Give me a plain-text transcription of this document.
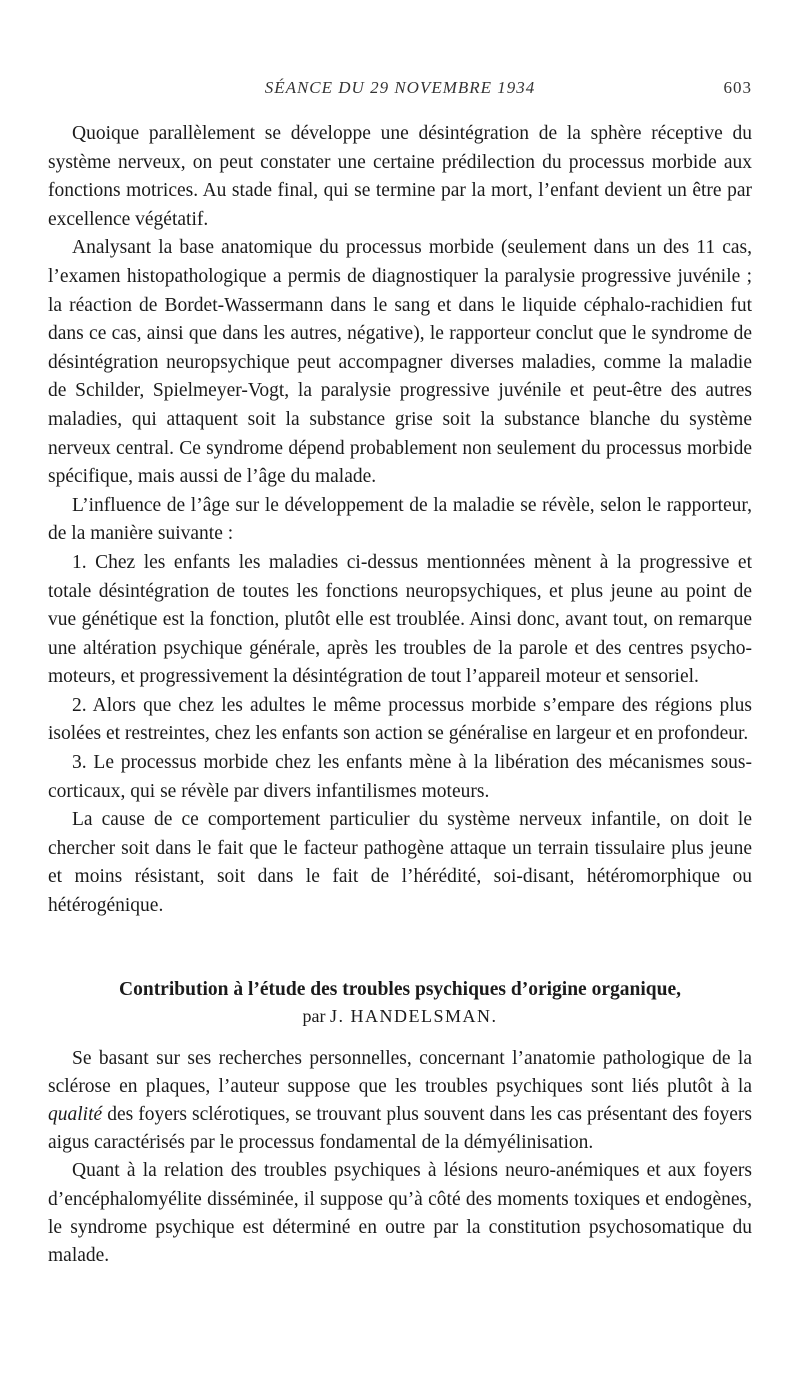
SÉANCE DU 29 NOVEMBRE 1934	603

Quoique parallèlement se développe une désintégration de la sphère réceptive du système nerveux, on peut constater une certaine prédilection du processus morbide aux fonctions motrices. Au stade final, qui se termine par la mort, l’enfant devient un être par excellence végétatif.

Analysant la base anatomique du processus morbide (seulement dans un des 11 cas, l’examen histopathologique a permis de diagnostiquer la paralysie progressive juvénile ; la réaction de Bordet-Wassermann dans le sang et dans le liquide céphalo-rachidien fut dans ce cas, ainsi que dans les autres, négative), le rapporteur conclut que le syndrome de désintégration neuropsychique peut accompagner diverses maladies, comme la maladie de Schilder, Spielmeyer-Vogt, la paralysie progressive juvénile et peut-être des autres maladies, qui attaquent soit la substance grise soit la substance blanche du système nerveux central. Ce syndrome dépend probablement non seulement du processus morbide spécifique, mais aussi de l’âge du malade.

L’influence de l’âge sur le développement de la maladie se révèle, selon le rapporteur, de la manière suivante :

1. Chez les enfants les maladies ci-dessus mentionnées mènent à la progressive et totale désintégration de toutes les fonctions neuropsychiques, et plus jeune au point de vue génétique est la fonction, plutôt elle est troublée. Ainsi donc, avant tout, on remarque une altération psychique générale, après les troubles de la parole et des centres psycho-moteurs, et progressivement la désintégration de tout l’appareil moteur et sensoriel.

2. Alors que chez les adultes le même processus morbide s’empare des régions plus isolées et restreintes, chez les enfants son action se généralise en largeur et en profondeur.

3. Le processus morbide chez les enfants mène à la libération des mécanismes sous-corticaux, qui se révèle par divers infantilismes moteurs.

La cause de ce comportement particulier du système nerveux infantile, on doit le chercher soit dans le fait que le facteur pathogène attaque un terrain tissulaire plus jeune et moins résistant, soit dans le fait de l’hérédité, soi-disant, hétéromorphique ou hétérogénique.

Contribution à l’étude des troubles psychiques d’origine organique,

par J. HANDELSMAN.

Se basant sur ses recherches personnelles, concernant l’anatomie pathologique de la sclérose en plaques, l’auteur suppose que les troubles psychiques sont liés plutôt à la qualité des foyers sclérotiques, se trouvant plus souvent dans les cas présentant des foyers aigus caractérisés par le processus fondamental de la démyélinisation.

Quant à la relation des troubles psychiques à lésions neuro-anémiques et aux foyers d’encéphalomyélite disséminée, il suppose qu’à côté des moments toxiques et endogènes, le syndrome psychique est déterminé en outre par la constitution psychosomatique du malade.
